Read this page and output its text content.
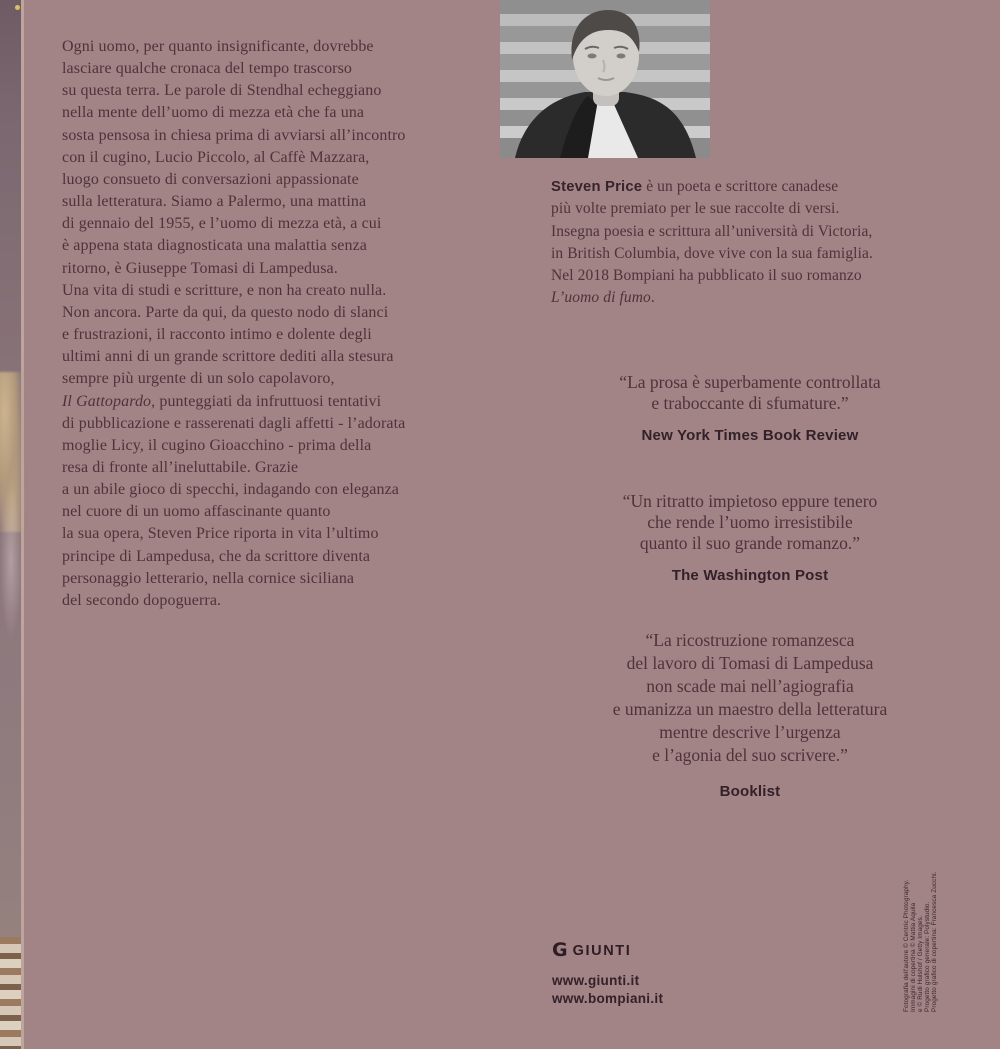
Ogni uomo, per quanto insignificante, dovrebbe
lasciare qualche cronaca del tempo trascorso
su questa terra. Le parole di Stendhal echeggiano
nella mente dell’uomo di mezza età che fa una
sosta pensosa in chiesa prima di avviarsi all’incontro
con il cugino, Lucio Piccolo, al Caffè Mazzara,
luogo consueto di conversazioni appassionate
sulla letteratura. Siamo a Palermo, una mattina
di gennaio del 1955, e l’uomo di mezza età, a cui
è appena stata diagnosticata una malattia senza
ritorno, è Giuseppe Tomasi di Lampedusa.
Una vita di studi e scritture, e non ha creato nulla.
Non ancora. Parte da qui, da questo nodo di slanci
e frustrazioni, il racconto intimo e dolente degli
ultimi anni di un grande scrittore dediti alla stesura
sempre più urgente di un solo capolavoro,
Il Gattopardo, punteggiati da infruttuosi tentativi
di pubblicazione e rasserenati dagli affetti - l’adorata
moglie Licy, il cugino Gioacchino - prima della
resa di fronte all’ineluttabile. Grazie
a un abile gioco di specchi, indagando con eleganza
nel cuore di un uomo affascinante quanto
la sua opera, Steven Price riporta in vita l’ultimo
principe di Lampedusa, che da scrittore diventa
personaggio letterario, nella cornice siciliana
del secondo dopoguerra.
Steven Price è un poeta e scrittore canadese
più volte premiato per le sue raccolte di versi.
Insegna poesia e scrittura all’università di Victoria,
in British Columbia, dove vive con la sua famiglia.
Nel 2018 Bompiani ha pubblicato il suo romanzo
L’uomo di fumo.
“La prosa è superbamente controllata
e traboccante di sfumature.”
New York Times Book Review
“Un ritratto impietoso eppure tenero
che rende l’uomo irresistibile
quanto il suo grande romanzo.”
The Washington Post
“La ricostruzione romanzesca
del lavoro di Tomasi di Lampedusa
non scade mai nell’agiografia
e umanizza un maestro della letteratura
mentre descrive l’urgenza
e l’agonia del suo scrivere.”
Booklist
G GIUNTI
www.giunti.it
www.bompiani.it	Fotografia dell’autore © Centric Photography. Immagini di copertina © Mattia Aquila e © Rudi Hulshof / Getty Images. Progetto grafico generale: Polystudio. Progetto grafico di copertina: Francesca Zucchi.
